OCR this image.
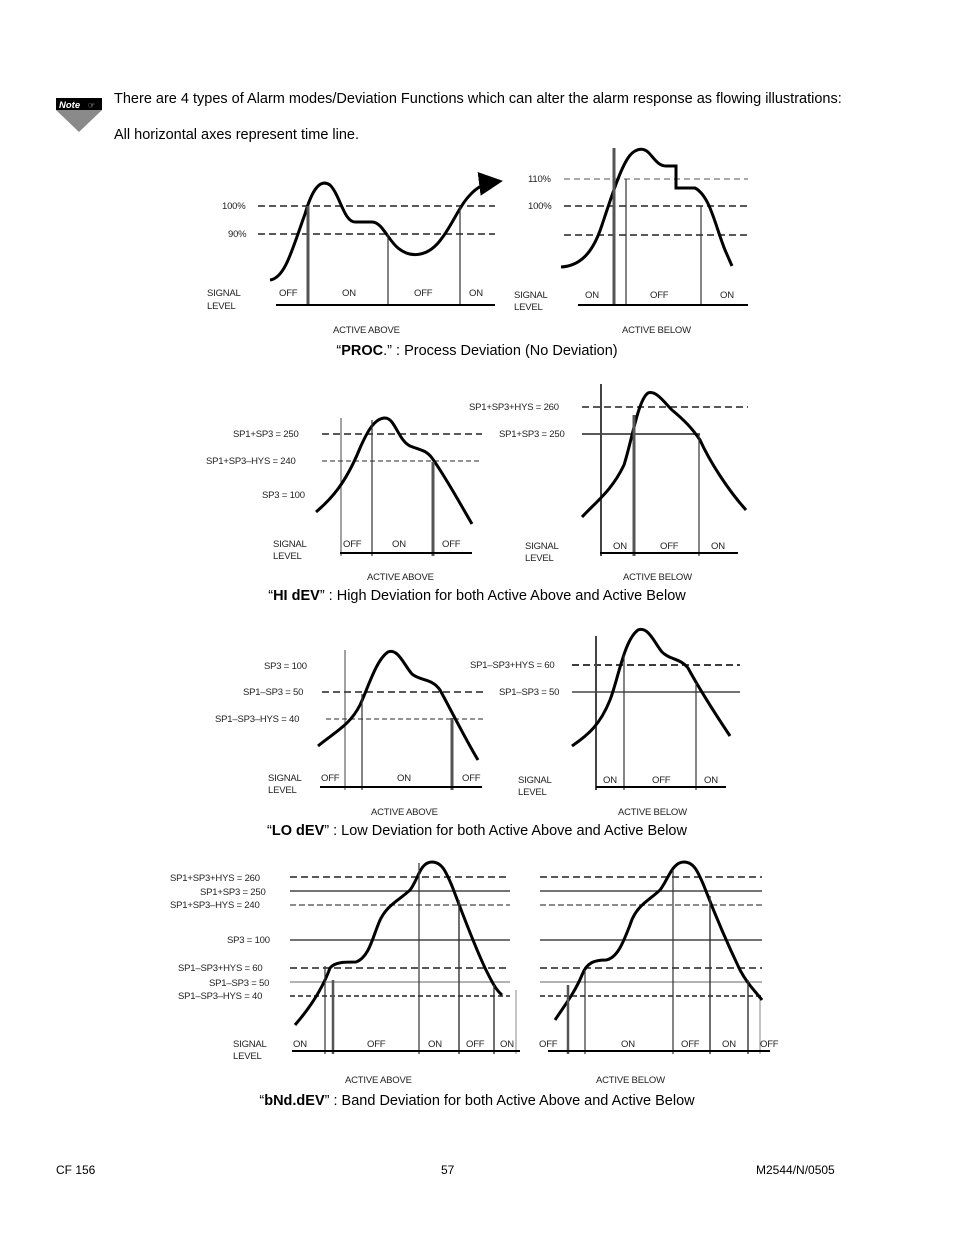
Note ☞ There are 4 types of Alarm modes/Deviation Functions which can alter the alarm response as flowing illustrations:

All horizontal axes represent time line.

100%
90%
SIGNAL
LEVEL
OFF	ON	OFF	ON
ACTIVE ABOVE
110%
100%
SIGNAL
LEVEL
ON	OFF	ON
ACTIVE BELOW
SP1+SP3 = 250
SP1+SP3–HYS = 240
SP3 = 100
SIGNAL
LEVEL
OFF	ON	OFF
ACTIVE ABOVE
SP1+SP3+HYS = 260
SP1+SP3 = 250
SIGNAL
LEVEL
ON	OFF	ON
ACTIVE BELOW
SP3 = 100
SP1–SP3 = 50
SP1–SP3–HYS = 40
SIGNAL
LEVEL
OFF	ON	OFF
ACTIVE ABOVE
SP1–SP3+HYS = 60
SP1–SP3 = 50
SIGNAL
LEVEL
ON	OFF	ON
ACTIVE BELOW
SP1+SP3+HYS = 260
SP1+SP3 = 250
SP1+SP3–HYS = 240
SP3 = 100
SP1–SP3+HYS = 60
SP1–SP3 = 50
SP1–SP3–HYS = 40
SIGNAL
LEVEL
ON	OFF	ON	OFF ON
ACTIVE ABOVE
OFF	ON	OFF ON	OFF
ACTIVE BELOW

“PROC.” : Process Deviation (No Deviation)

“HI dEV” : High Deviation for both Active Above and Active Below

“LO dEV” : Low Deviation for both Active Above and Active Below

“bNd.dEV” : Band Deviation for both Active Above and Active Below

CF 156	57	M2544/N/0505
